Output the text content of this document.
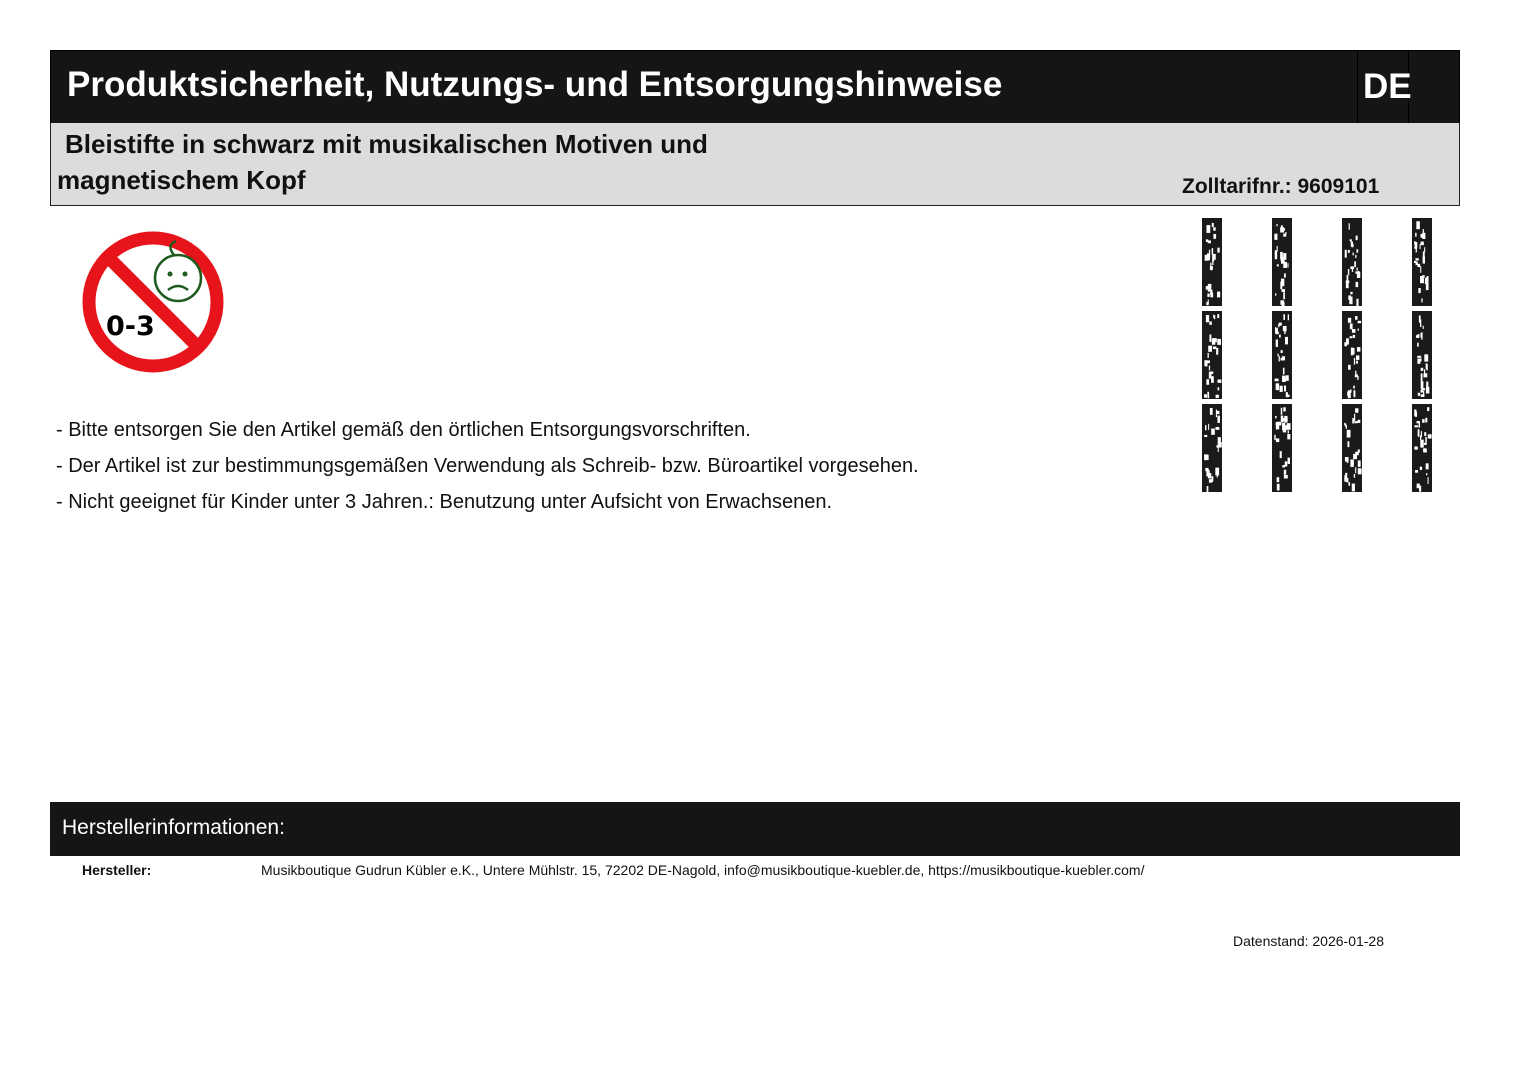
Produktsicherheit, Nutzungs- und Entsorgungshinweise	DE
Bleistifte in schwarz mit musikalischen Motiven und
magnetischem Kopf	Zolltarifnr.: 9609101
0-3
- Bitte entsorgen Sie den Artikel gemäß den örtlichen Entsorgungsvorschriften.
- Der Artikel ist zur bestimmungsgemäßen Verwendung als Schreib- bzw. Büroartikel vorgesehen.
- Nicht geeignet für Kinder unter 3 Jahren.: Benutzung unter Aufsicht von Erwachsenen.
Herstellerinformationen:
Hersteller:	Musikboutique Gudrun Kübler e.K., Untere Mühlstr. 15, 72202 DE-Nagold, info@musikboutique-kuebler.de, https://musikboutique-kuebler.com/
Datenstand: 2026-01-28
